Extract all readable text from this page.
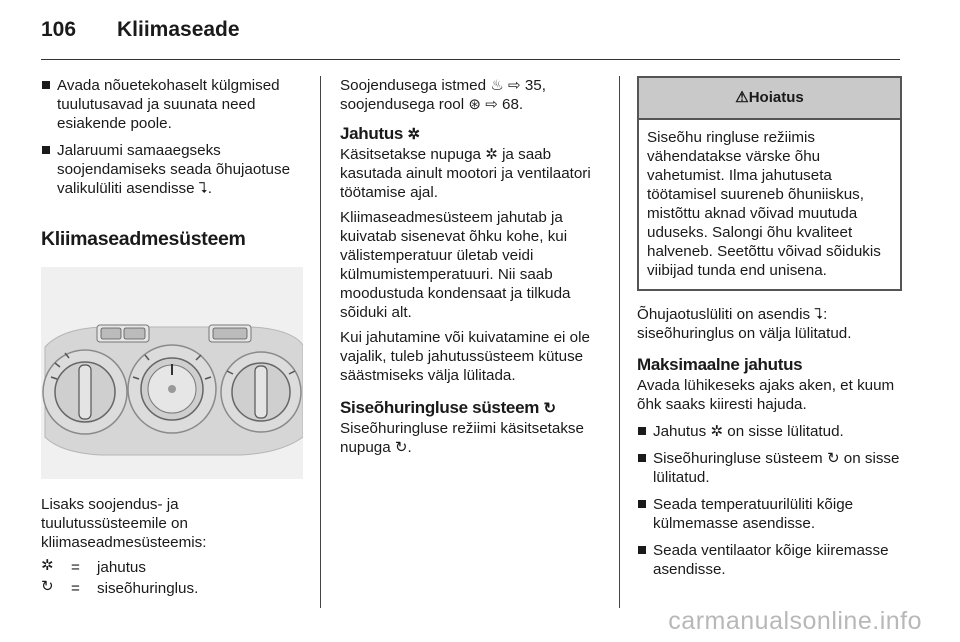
106	Kliimaseade
Avada nõuetekohaselt külgmised tuulutusavad ja suunata need esiakende poole.
Jalaruumi samaaegseks soojendamiseks seada õhujaotuse valikulüliti asendisse ⮧.
Kliimaseadmesüsteem

Lisaks soojendus- ja tuulutussüsteemile on kliimaseadmesüsteemis:

✲	=	jahutus
↻	=	siseõhuringlus.

Soojendusega istmed ♨ ⇨ 35,
soojendusega rool ⊛ ⇨ 68.

Jahutus ✲

Käsitsetakse nupuga ✲ ja saab kasutada ainult mootori ja ventilaatori töötamise ajal.

Kliimaseadmesüsteem jahutab ja kuivatab sisenevat õhku kohe, kui välistemperatuur ületab veidi külmumistemperatuuri. Nii saab moodustuda kondensaat ja tilkuda sõiduki alt.

Kui jahutamine või kuivatamine ei ole vajalik, tuleb jahutussüsteem kütuse säästmiseks välja lülitada.

Siseõhuringluse süsteem ↻

Siseõhuringluse režiimi käsitsetakse nupuga ↻.

⚠Hoiatus
Siseõhu ringluse režiimis vähendatakse värske õhu vahetumist. Ilma jahutuseta töötamisel suureneb õhuniiskus, mistõttu aknad võivad muutuda uduseks. Salongi õhu kvaliteet halveneb. Seetõttu võivad sõidukis viibijad tunda end unisena.

Õhujaotuslüliti on asendis ⮧: siseõhuringlus on välja lülitatud.

Maksimaalne jahutus

Avada lühikeseks ajaks aken, et kuum õhk saaks kiiresti hajuda.

Jahutus ✲ on sisse lülitatud.
Siseõhuringluse süsteem ↻ on sisse lülitatud.
Seada temperatuurilüliti kõige külmemasse asendisse.
Seada ventilaator kõige kiiremasse asendisse.
carmanualsonline.info
